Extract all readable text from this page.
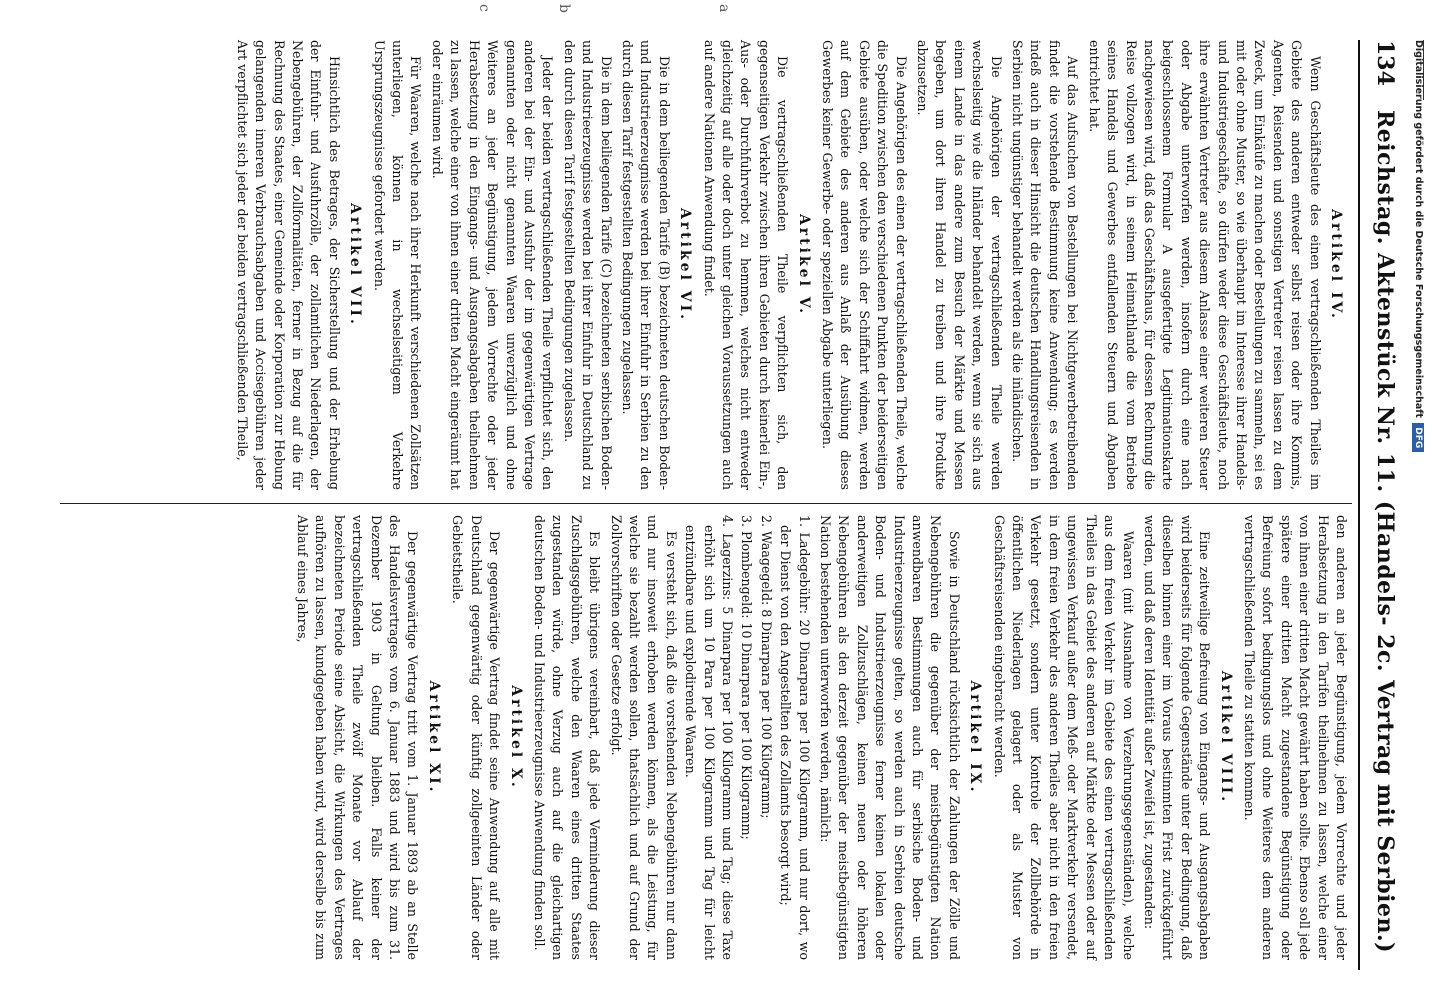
134
Reichstag. Aktenstück Nr. 11. (Handels- 2c. Vertrag mit Serbien.)
a
b
c
Artikel IV.

Wenn Geschäftsleute des einen vertragschließenden Theiles im Gebiete des anderen entweder selbst reisen oder ihre Kommis, Agenten, Reisenden und sonstigen Vertreter reisen lassen zu dem Zweck, um Einkäufe zu machen oder Bestellungen zu sammeln, sei es mit oder ohne Muster, so wie überhaupt im Interesse ihrer Handels- und Industriegeschäfte, so dürfen weder diese Geschäftsleute, noch ihre erwähnten Vertreter aus diesem Anlasse einer weiteren Steuer oder Abgabe unterworfen werden, insofern durch eine nach beigeschlossenem Formular A ausgefertigte Legitimationskarte nachgewiesen wird, daß das Geschäftshaus, für dessen Rechnung die Reise vollzogen wird, in seinem Heimathlande die vom Betriebe seines Handels und Gewerbes entfallenden Steuern und Abgaben entrichtet hat.

Auf das Aufsuchen von Bestellungen bei Nichtgewerbetreibenden findet die vorstehende Bestimmung keine Anwendung; es werden indeß auch in dieser Hinsicht die deutschen Handlungsreisenden in Serbien nicht ungünstiger behandelt werden als die inländischen.

Die Angehörigen der vertragschließenden Theile werden wechselseitig wie die Inländer behandelt werden, wenn sie sich aus einem Lande in das andere zum Besuch der Märkte und Messen begeben, um dort ihren Handel zu treiben und ihre Produkte abzusetzen.

Die Angehörigen des einen der vertragschließenden Theile, welche die Spedition zwischen den verschiedenen Punkten der beiderseitigen Gebiete ausüben, oder welche sich der Schiffahrt widmen, werden auf dem Gebiete des anderen aus Anlaß der Ausübung dieses Gewerbes keiner Gewerbe- oder speziellen Abgabe unterliegen.

Artikel V.

Die vertragschließenden Theile verpflichten sich, den gegenseitigen Verkehr zwischen ihren Gebieten durch keinerlei Ein-, Aus- oder Durchfuhrverbot zu hemmen, welches nicht entweder gleichzeitig auf alle oder doch unter gleichen Voraussetzungen auch auf andere Nationen Anwendung findet.

Artikel VI.

Die in dem beiliegenden Tarife (B) bezeichneten deutschen Boden- und Industrieerzeugnisse werden bei ihrer Einfuhr in Serbien zu den durch diesen Tarif festgestellten Bedingungen zugelassen.

Die in dem beiliegenden Tarife (C) bezeichneten serbischen Boden- und Industrieerzeugnisse werden bei ihrer Einfuhr in Deutschland zu den durch diesen Tarif festgestellten Bedingungen zugelassen.

Jeder der beiden vertragschließenden Theile verpflichtet sich, den anderen bei der Ein- und Ausfuhr der im gegenwärtigen Vertrage genannten oder nicht genannten Waaren unverzüglich und ohne Weiteres an jeder Begünstigung, jedem Vorrechte oder jeder Herabsetzung in den Eingangs- und Ausgangsabgaben theilnehmen zu lassen, welche einer von ihnen einer dritten Macht eingeräumt hat oder einräumen wird.

Für Waaren, welche nach ihrer Herkunft verschiedenen Zollsätzen unterliegen, können in wechselseitigem Verkehre Ursprungszeugnisse gefordert werden.

Artikel VII.

Hinsichtlich des Betrages, der Sicherstellung und der Erhebung der Einfuhr- und Ausfuhrzölle, der zollamtlichen Niederlagen, der Nebengebühren, der Zollformalitäten, ferner in Bezug auf die für Rechnung des Staates, einer Gemeinde oder Korporation zur Hebung gelangenden inneren Verbrauchsabgaben und Accisegebühren jeder Art verpflichtet sich jeder der beiden vertragschließenden Theile,

den anderen an jeder Begünstigung, jedem Vorrechte und jeder Herabsetzung in den Tarifen theilnehmen zu lassen, welche einer von ihnen einer dritten Macht gewährt haben sollte. Ebenso soll jede spätere einer dritten Macht zugestandene Begünstigung oder Befreiung sofort bedingungslos und ohne Weiteres dem anderen vertragschließenden Theile zu statten kommen.

Artikel VIII.

Eine zeitweilige Befreiung von Eingangs- und Ausgangsabgaben wird beiderseits für folgende Gegenstände unter der Bedingung, daß dieselben binnen einer im Voraus bestimmten Frist zurückgeführt werden, und daß deren Identität außer Zweifel ist, zugestanden:

Waaren (mit Ausnahme von Verzehrungsgegenständen), welche aus dem freien Verkehr im Gebiete des einen vertragschließenden Theiles in das Gebiet des anderen auf Märkte oder Messen oder auf ungewissen Verkauf außer dem Meß- oder Marktverkehr versendet, in dem freien Verkehr des anderen Theiles aber nicht in den freien Verkehr gesetzt, sondern unter Kontrole der Zollbehörde in öffentlichen Niederlagen gelagert oder als Muster von Geschäftsreisenden eingebracht werden.

Artikel IX.

Sowie in Deutschland rücksichtlich der Zahlungen der Zölle und Nebengebühren die gegenüber der meistbegünstigten Nation anwendbaren Bestimmungen auch für serbische Boden- und Industrieerzeugnisse gelten, so werden auch in Serbien deutsche Boden- und Industrieerzeugnisse ferner keinen lokalen oder anderweitigen Zollzuschlägen, keinen neuen oder höheren Nebengebühren als den derzeit gegenüber der meistbegünstigten Nation bestehenden unterworfen werden, nämlich:

1. Ladegebühr: 20 Dinarpara per 100 Kilogramm, und nur dort, wo der Dienst von den Angestellten des Zollamts besorgt wird;
2. Waagegeld: 8 Dinarpara per 100 Kilogramm;
3. Plombengeld: 10 Dinarpara per 100 Kilogramm;
4. Lagerzins: 5 Dinarpara per 100 Kilogramm und Tag; diese Taxe erhöht sich um 10 Para per 100 Kilogramm und Tag für leicht entzündbare und explodirende Waaren.

Es versteht sich, daß die vorstehenden Nebengebühren nur dann und nur insoweit erhoben werden können, als die Leistung, für welche sie bezahlt werden sollen, thatsächlich und auf Grund der Zollvorschriften oder Gesetze erfolgt.

Es bleibt übrigens vereinbart, daß jede Verminderung dieser Zuschlagsgebühren, welche den Waaren eines dritten Staates zugestanden würde, ohne Verzug auch auf die gleichartigen deutschen Boden- und Industrieerzeugnisse Anwendung finden soll.

Artikel X.

Der gegenwärtige Vertrag findet seine Anwendung auf alle mit Deutschland gegenwärtig oder künftig zollgeeinten Länder oder Gebietstheile.

Artikel XI.

Der gegenwärtige Vertrag tritt vom 1. Januar 1893 ab an Stelle des Handelsvertrages vom 6. Januar 1883 und wird bis zum 31. Dezember 1903 in Geltung bleiben. Falls keiner der vertragschließenden Theile zwölf Monate vor Ablauf der bezeichneten Periode seine Absicht, die Wirkungen des Vertrages aufhören zu lassen, kundgegeben haben wird, wird derselbe bis zum Ablauf eines Jahres,

Digitalisierung gefördert durch die Deutsche Forschungsgemeinschaft DFG
